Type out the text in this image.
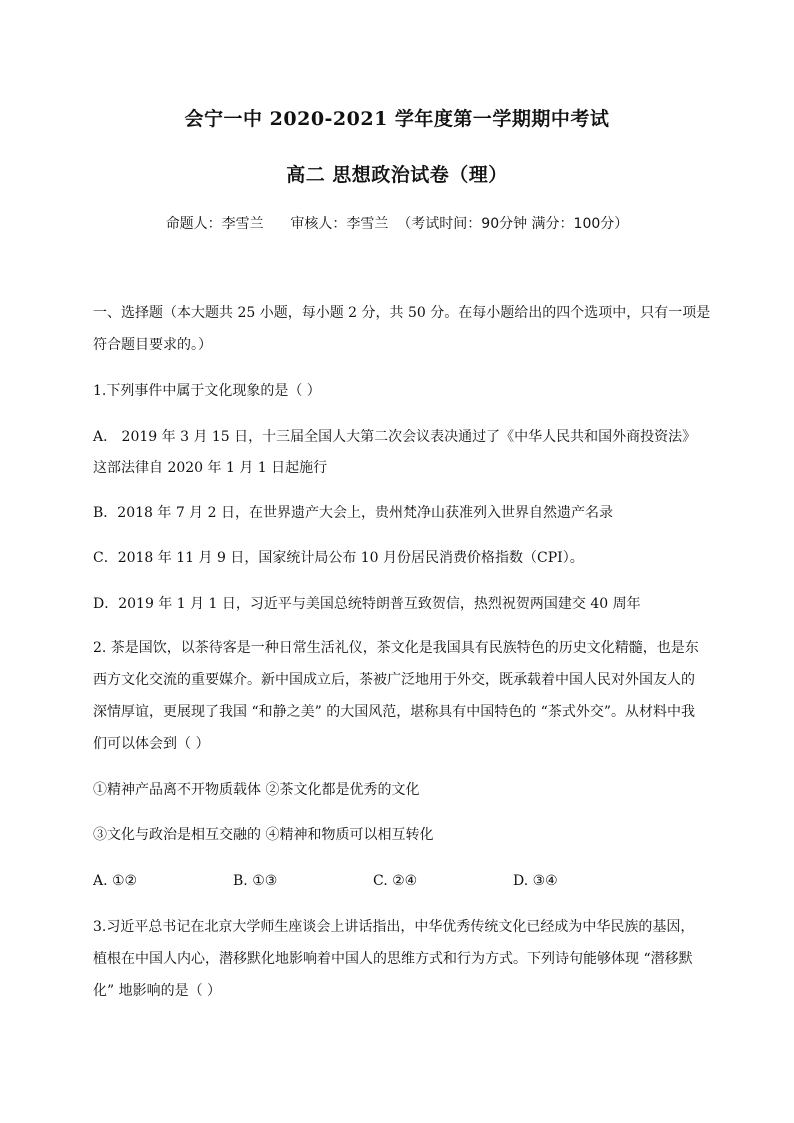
会宁一中 2020-2021 学年度第一学期期中考试
高二 思想政治试卷（理）
命题人：李雪兰 审核人：李雪兰 （考试时间：90分钟 满分：100分）
一、选择题（本大题共 25 小题，每小题 2 分，共 50 分。在每小题给出的四个选项中，只有一项是
符合题目要求的。）
1.下列事件中属于文化现象的是（ ）
A． 2019 年 3 月 15 日，十三届全国人大第二次会议表决通过了《中华人民共和国外商投资法》
这部法律自 2020 年 1 月 1 日起施行
B．2018 年 7 月 2 日，在世界遗产大会上，贵州梵净山获准列入世界自然遗产名录
C．2018 年 11 月 9 日，国家统计局公布 10 月份居民消费价格指数（CPI）。
D．2019 年 1 月 1 日，习近平与美国总统特朗普互致贺信，热烈祝贺两国建交 40 周年
2. 茶是国饮，以茶待客是一种日常生活礼仪，茶文化是我国具有民族特色的历史文化精髓，也是东
西方文化交流的重要媒介。新中国成立后，茶被广泛地用于外交，既承载着中国人民对外国友人的
深情厚谊，更展现了我国 “和静之美” 的大国风范，堪称具有中国特色的 “茶式外交”。从材料中我
们可以体会到（ ）
①精神产品离不开物质载体 ②茶文化都是优秀的文化
③文化与政治是相互交融的 ④精神和物质可以相互转化
A. ①②	B. ①③	C. ②④	D. ③④
3.习近平总书记在北京大学师生座谈会上讲话指出，中华优秀传统文化已经成为中华民族的基因，
植根在中国人内心，潜移默化地影响着中国人的思维方式和行为方式。下列诗句能够体现 “潜移默
化” 地影响的是（ ）
